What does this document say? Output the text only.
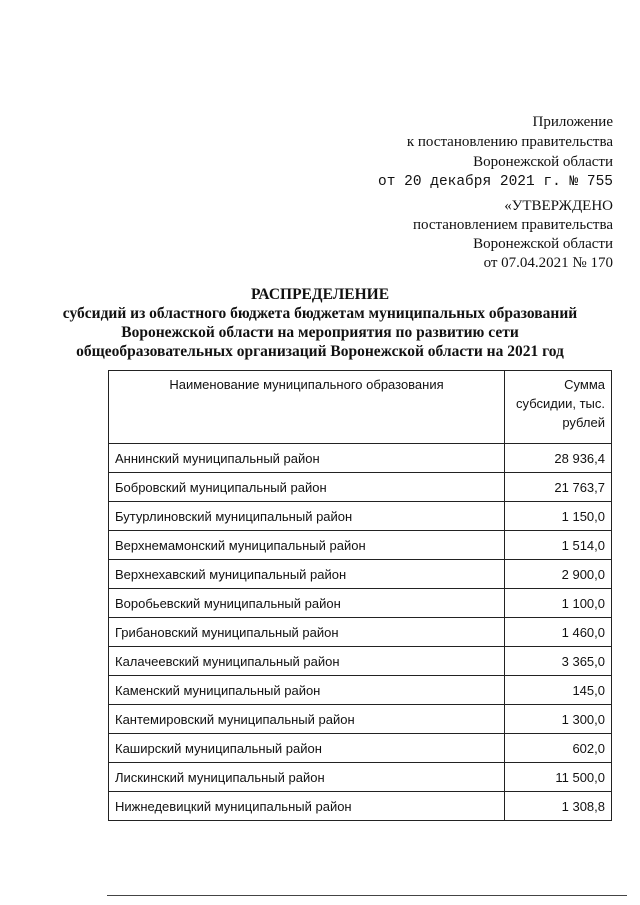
Приложение
к постановлению правительства
Воронежской области
от 20 декабря 2021 г. № 755
«УТВЕРЖДЕНО
постановлением правительства
Воронежской области
от 07.04.2021 № 170
РАСПРЕДЕЛЕНИЕ
субсидий из областного бюджета бюджетам муниципальных образований
Воронежской области на мероприятия по развитию сети
общеобразовательных организаций Воронежской области на 2021 год
Наименование муниципального образования	Сумма
субсидии, тыс.
рублей

Аннинский муниципальный район	28 936,4
Бобровский муниципальный район	21 763,7
Бутурлиновский муниципальный район	1 150,0
Верхнемамонский муниципальный район	1 514,0
Верхнехавский муниципальный район	2 900,0
Воробьевский муниципальный район	1 100,0
Грибановский муниципальный район	1 460,0
Калачеевский муниципальный район	3 365,0
Каменский муниципальный район	145,0
Кантемировский муниципальный район	1 300,0
Каширский муниципальный район	602,0
Лискинский муниципальный район	11 500,0
Нижнедевицкий муниципальный район	1 308,8
